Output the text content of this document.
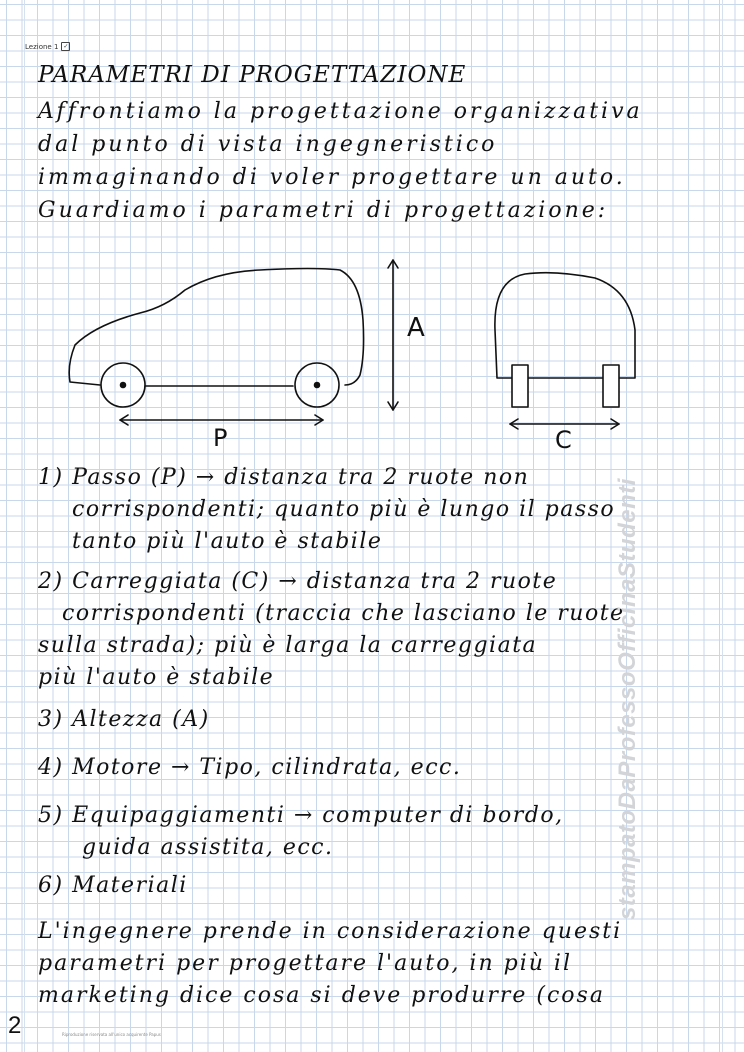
Lezione 1 ✓
PARAMETRI DI PROGETTAZIONE
Affrontiamo la progettazione organizzativa
dal punto di vista ingegneristico
immaginando di voler progettare un auto.
Guardiamo i parametri di progettazione:
P
A
C
1) Passo (P) → distanza tra 2 ruote non
corrispondenti; quanto più è lungo il passo
tanto più l'auto è stabile
2) Carreggiata (C) → distanza tra 2 ruote
corrispondenti (traccia che lasciano le ruote
sulla strada); più è larga la carreggiata
più l'auto è stabile
3) Altezza (A)
4) Motore → Tipo, cilindrata, ecc.
5) Equipaggiamenti → computer di bordo,
guida assistita, ecc.
6) Materiali
L'ingegnere prende in considerazione questi
parametri per progettare l'auto, in più il
marketing dice cosa si deve produrre (cosa
stampatoDaProfessoOfficinaStudenti
2	Riproduzione riservata all'unico acquirente Papus
